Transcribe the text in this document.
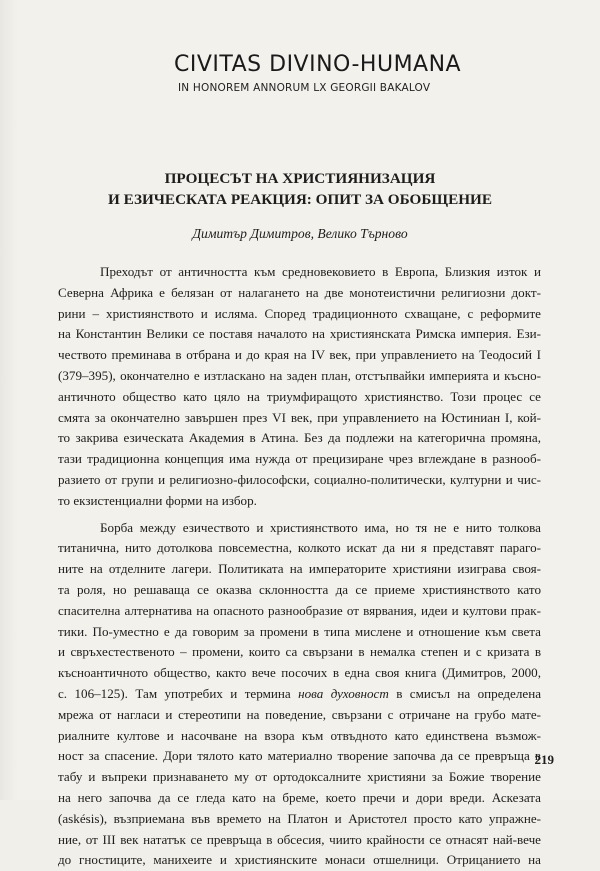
CIVITAS DIVINO-HUMANA
IN HONOREM ANNORUM LX GEORGII BAKALOV
ПРОЦЕСЪТ НА ХРИСТИЯНИЗАЦИЯ
И ЕЗИЧЕСКАТА РЕАКЦИЯ: ОПИТ ЗА ОБОБЩЕНИЕ

Димитър Димитров, Велико Търново

Преходът от античността към средновековието в Европа, Близкия изток и
Северна Африка е белязан от налагането на две монотеистични религиозни докт-
рини – християнството и ислямa. Според традиционното схващане, с реформите
на Константин Велики се поставя началото на християнската Римска империя. Ези-
чеството преминава в отбрана и до края на IV век, при управлението на Теодосий I
(379–395), окончателно е изтласкано на заден план, отстъпвайки империята и късно-
античното общество като цяло на триумфиращото християнство. Този процес се
смята за окончателно завършен през VI век, при управлението на Юстиниан I, кой-
то закрива езическата Академия в Атина. Без да подлежи на категорична промяна,
тази традиционна концепция има нужда от прецизиране чрез вглеждане в разнооб-
разието от групи и религиозно-философски, социално-политически, културни и чис-
то екзистенциални форми на избор.

Борба между езичеството и християнството има, но тя не е нито толкова
титанична, нито дотолкова повсеместна, колкото искат да ни я представят параго-
ните на отделните лагери. Политиката на императорите християни изиграва своя-
та роля, но решаваща се оказва склонността да се приеме християнството като
спасителна алтернатива на опасното разнообразие от вярвания, идеи и култови прак-
тики. По-уместно е да говорим за промени в типа мислене и отношение към света
и свръхестественото – промени, които са свързани в немалка степен и с кризата в
късноантичното общество, както вече посочих в една своя книга (Димитров, 2000,
с. 106–125). Там употребих и термина нова духовност в смисъл на определена
мрежа от нагласи и стереотипи на поведение, свързани с отричане на грубо мате-
риалните култове и насочване на взора към отвъдното като единствена възмож-
ност за спасение. Дори тялото като материално творение започва да се превръща в
табу и въпреки признаването му от ортодоксалните християни за Божие творение
на него започва да се гледа като на бреме, което пречи и дори вреди. Аскезата
(askésis), възприемана във времето на Платон и Аристотел просто като упражне-
ние, от III век нататък се превръща в обсесия, чиито крайности се отнасят най-вече
до гностиците, манихеите и християнските монаси отшелници. Отрицанието на

219
